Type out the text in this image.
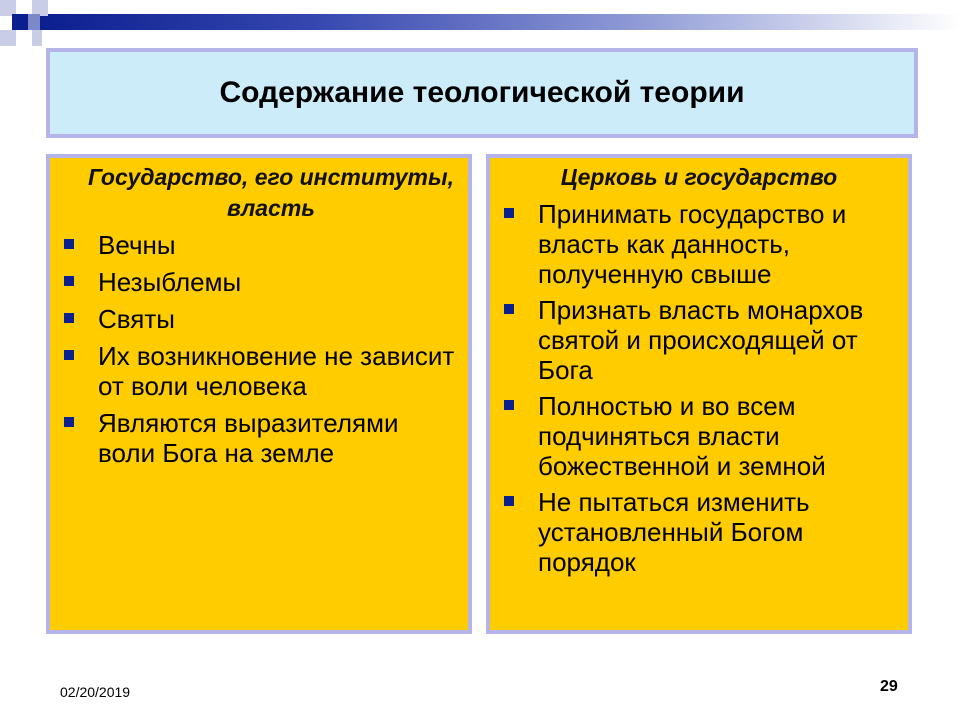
Содержание теологической теории

Государство, его институты, власть

Вечны
Незыблемы
Святы
Их возникновение не зависит от воли человека
Являются выразителями воли Бога на земле

Церковь и государство

Принимать государство и власть как данность, полученную свыше
Признать власть монархов святой и происходящей от Бога
Полностью и во всем подчиняться власти божественной и земной
Не пытаться изменить установленный Богом порядок
02/20/2019	29
